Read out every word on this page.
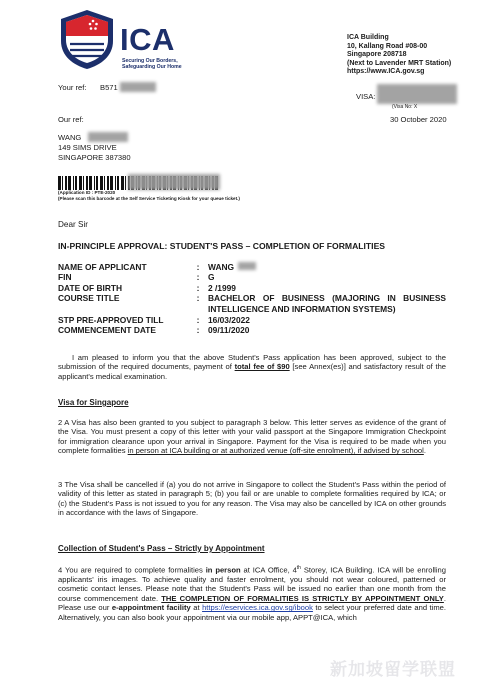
ICA
Securing Our Borders,
Safeguarding Our Home
ICA Building
10, Kallang Road #08-00
Singapore 208718
(Next to Lavender MRT Station)
https://www.ICA.gov.sg
Your ref: B571
VISA:
(Visa No: X
Our ref:	30 October 2020
WANG
149 SIMS DRIVE
SINGAPORE 387380
(Application ID : PTE-2020
(Please scan this barcode at the Self Service Ticketing Kiosk for your queue ticket.)
Dear Sir
IN-PRINCIPLE APPROVAL: STUDENT'S PASS – COMPLETION OF FORMALITIES
NAME OF APPLICANT	:	WANG
FIN	:	G
DATE OF BIRTH	:	2 /1999
COURSE TITLE	:	BACHELOR OF BUSINESS (MAJORING IN BUSINESS INTELLIGENCE AND INFORMATION SYSTEMS)
STP PRE-APPROVED TILL	:	16/03/2022
COMMENCEMENT DATE	:	09/11/2020
I am pleased to inform you that the above Student's Pass application has been approved, subject to the submission of the required documents, payment of total fee of $90 [see Annex(es)] and satisfactory result of the applicant's medical examination.
Visa for Singapore
2 A Visa has also been granted to you subject to paragraph 3 below. This letter serves as evidence of the grant of the Visa. You must present a copy of this letter with your valid passport at the Singapore Immigration Checkpoint for immigration clearance upon your arrival in Singapore. Payment for the Visa is required to be made when you complete formalities in person at ICA building or at authorized venue (off-site enrolment), if advised by school.
3 The Visa shall be cancelled if (a) you do not arrive in Singapore to collect the Student's Pass within the period of validity of this letter as stated in paragraph 5; (b) you fail or are unable to complete formalities required by ICA; or (c) the Student's Pass is not issued to you for any reason. The Visa may also be cancelled by ICA on other grounds in accordance with the laws of Singapore.
Collection of Student's Pass – Strictly by Appointment
4 You are required to complete formalities in person at ICA Office, 4th Storey, ICA Building. ICA will be enrolling applicants' iris images. To achieve quality and faster enrolment, you should not wear coloured, patterned or cosmetic contact lenses. Please note that the Student's Pass will be issued no earlier than one month from the course commencement date. THE COMPLETION OF FORMALITIES IS STRICTLY BY APPOINTMENT ONLY. Please use our e-appointment facility at https://eservices.ica.gov.sg/ibook to select your preferred date and time. Alternatively, you can also book your appointment via our mobile app, APPT@ICA, which
新加坡留学联盟
